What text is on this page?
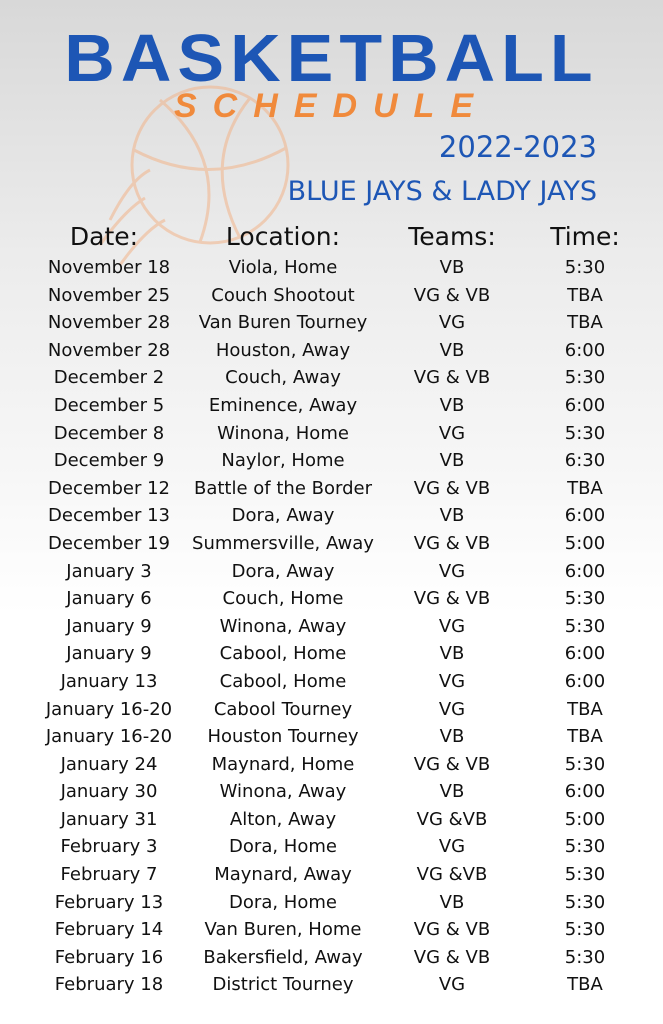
BASKETBALL
SCHEDULE
2022-2023
BLUE JAYS & LADY JAYS
Date:	Location:	Teams:	Time:
November 18	Viola, Home	VB	5:30
November 25	Couch Shootout	VG & VB	TBA
November 28	Van Buren Tourney	VG	TBA
November 28	Houston, Away	VB	6:00
December 2	Couch, Away	VG & VB	5:30
December 5	Eminence, Away	VB	6:00
December 8	Winona, Home	VG	5:30
December 9	Naylor, Home	VB	6:30
December 12	Battle of the Border	VG & VB	TBA
December 13	Dora, Away	VB	6:00
December 19	Summersville, Away	VG & VB	5:00
January 3	Dora, Away	VG	6:00
January 6	Couch, Home	VG & VB	5:30
January 9	Winona, Away	VG	5:30
January 9	Cabool, Home	VB	6:00
January 13	Cabool, Home	VG	6:00
January 16-20	Cabool Tourney	VG	TBA
January 16-20	Houston Tourney	VB	TBA
January 24	Maynard, Home	VG & VB	5:30
January 30	Winona, Away	VB	6:00
January 31	Alton, Away	VG &VB	5:00
February 3	Dora, Home	VG	5:30
February 7	Maynard, Away	VG &VB	5:30
February 13	Dora, Home	VB	5:30
February 14	Van Buren, Home	VG & VB	5:30
February 16	Bakersfield, Away	VG & VB	5:30
February 18	District Tourney	VG	TBA
